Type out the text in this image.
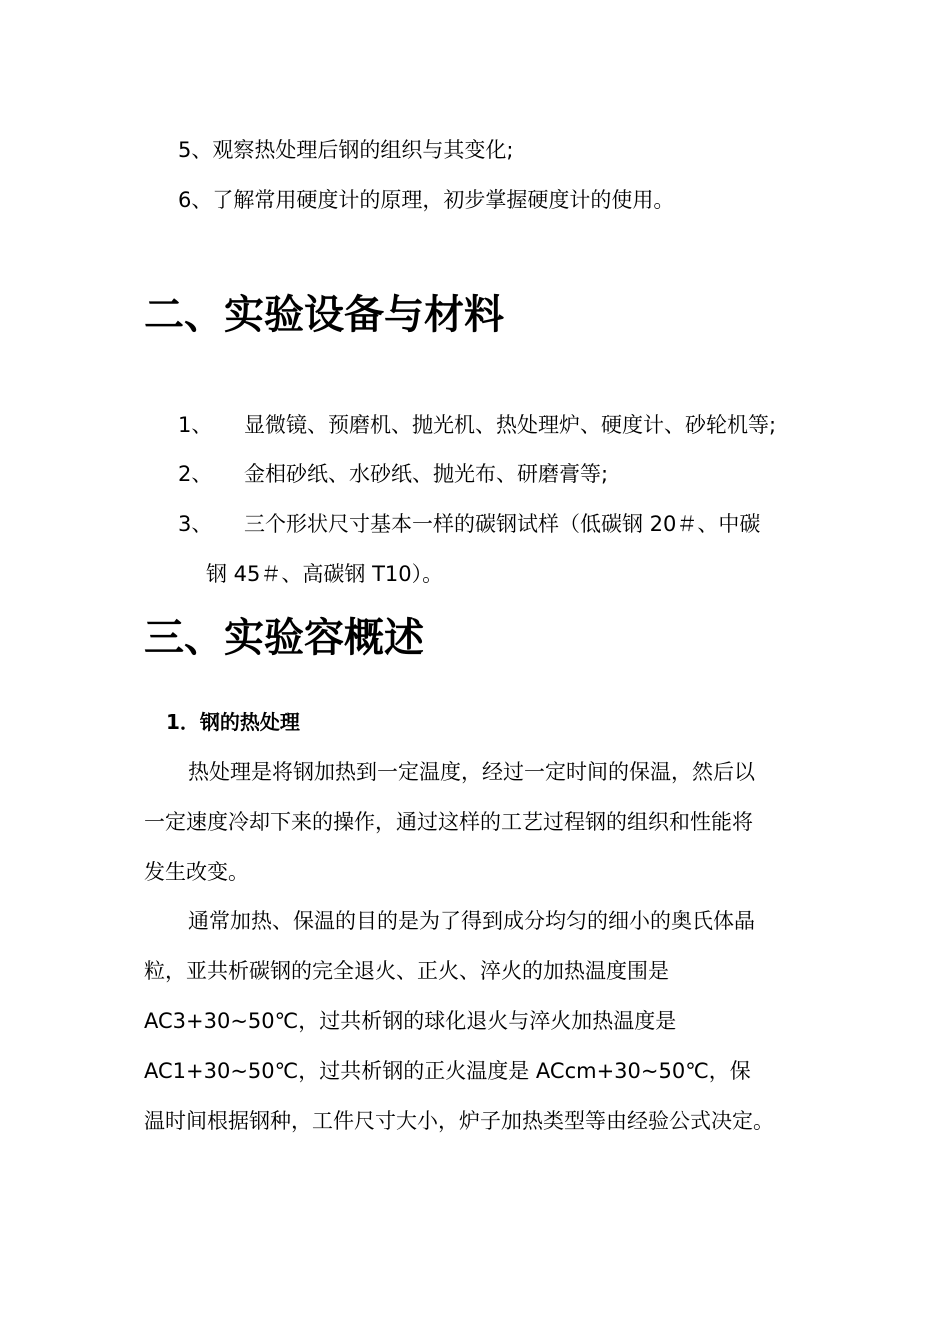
5、观察热处理后钢的组织与其变化;
6、了解常用硬度计的原理，初步掌握硬度计的使用。
二、实验设备与材料
1、 显微镜、预磨机、抛光机、热处理炉、硬度计、砂轮机等;
2、 金相砂纸、水砂纸、抛光布、研磨膏等;
3、 三个形状尺寸基本一样的碳钢试样（低碳钢 20＃、中碳
钢 45＃、高碳钢 T10）。
三、实验容概述
1．钢的热处理
热处理是将钢加热到一定温度，经过一定时间的保温，然后以
一定速度冷却下来的操作，通过这样的工艺过程钢的组织和性能将
发生改变。
通常加热、保温的目的是为了得到成分均匀的细小的奥氏体晶
粒，亚共析碳钢的完全退火、正火、淬火的加热温度围是
AC3+30~50℃，过共析钢的球化退火与淬火加热温度是
AC1+30~50℃，过共析钢的正火温度是 ACcm+30~50℃，保
温时间根据钢种，工件尺寸大小，炉子加热类型等由经验公式决定。
